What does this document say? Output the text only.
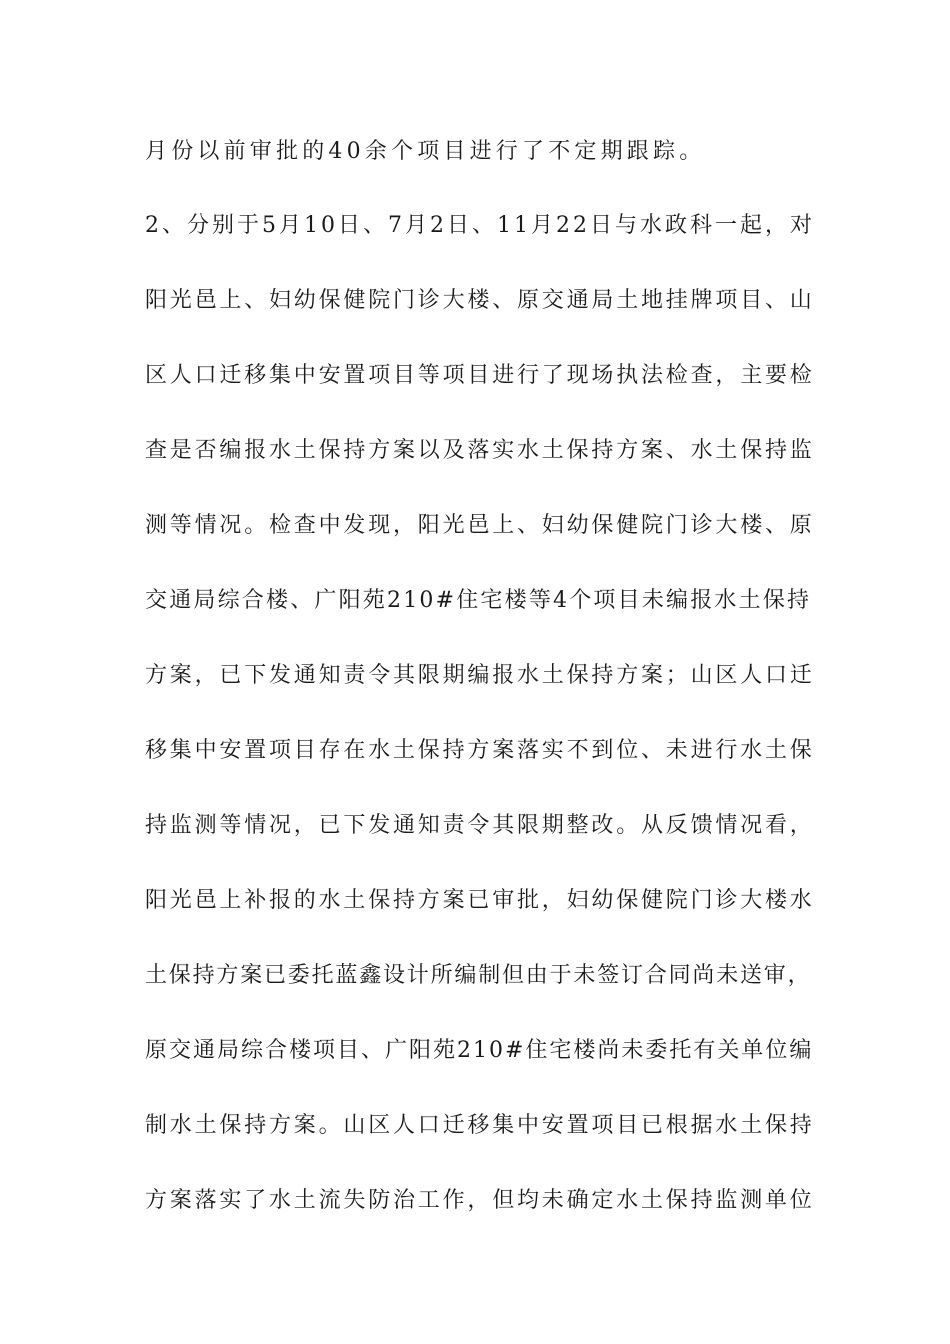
月份以前审批的40余个项目进行了不定期跟踪。
2、分别于5月10日、7月2日、11月22日与水政科一起，对
阳光邑上、妇幼保健院门诊大楼、原交通局土地挂牌项目、山
区人口迁移集中安置项目等项目进行了现场执法检查，主要检
查是否编报水土保持方案以及落实水土保持方案、水土保持监
测等情况。检查中发现，阳光邑上、妇幼保健院门诊大楼、原
交通局综合楼、广阳苑210#住宅楼等4个项目未编报水土保持
方案，已下发通知责令其限期编报水土保持方案；山区人口迁
移集中安置项目存在水土保持方案落实不到位、未进行水土保
持监测等情况，已下发通知责令其限期整改。从反馈情况看，
阳光邑上补报的水土保持方案已审批，妇幼保健院门诊大楼水
土保持方案已委托蓝鑫设计所编制但由于未签订合同尚未送审，
原交通局综合楼项目、广阳苑210#住宅楼尚未委托有关单位编
制水土保持方案。山区人口迁移集中安置项目已根据水土保持
方案落实了水土流失防治工作，但均未确定水土保持监测单位
